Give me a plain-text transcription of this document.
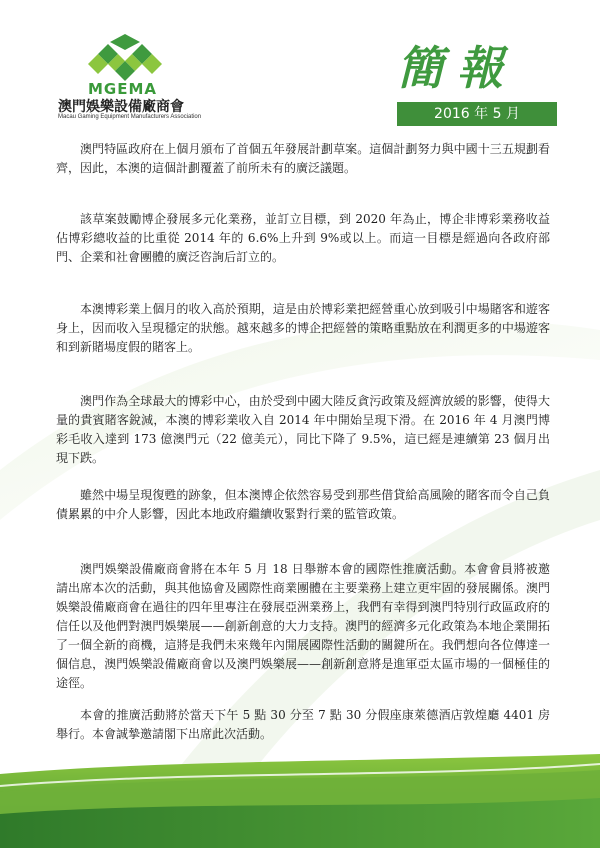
MGEMA
澳門娛樂設備廠商會
Macau Gaming Equipment Manufacturers Association
簡報
2016 年 5 月

澳門特區政府在上個月頒布了首個五年發展計劃草案。這個計劃努力與中國十三五規劃看齊，因此，本澳的這個計劃覆蓋了前所未有的廣泛議題。

該草案鼓勵博企發展多元化業務，並訂立目標，到 2020 年為止，博企非博彩業務收益佔博彩總收益的比重從 2014 年的 6.6%上升到 9%或以上。而這一目標是經過向各政府部門、企業和社會團體的廣泛咨詢后訂立的。

本澳博彩業上個月的收入高於預期，這是由於博彩業把經營重心放到吸引中場賭客和遊客身上，因而收入呈現穩定的狀態。越來越多的博企把經營的策略重點放在利潤更多的中場遊客和到新賭場度假的賭客上。

澳門作為全球最大的博彩中心，由於受到中國大陸反貪污政策及經濟放緩的影響，使得大量的貴賓賭客銳減，本澳的博彩業收入自 2014 年中開始呈現下滑。在 2016 年 4 月澳門博彩毛收入達到 173 億澳門元（22 億美元），同比下降了 9.5%，這已經是連續第 23 個月出現下跌。

雖然中場呈現復甦的跡象，但本澳博企依然容易受到那些借貸給高風險的賭客而令自己負債累累的中介人影響，因此本地政府繼續收緊對行業的監管政策。

澳門娛樂設備廠商會將在本年 5 月 18 日舉辦本會的國際性推廣活動。本會會員將被邀請出席本次的活動，與其他協會及國際性商業團體在主要業務上建立更牢固的發展關係。澳門娛樂設備廠商會在過往的四年里專注在發展亞洲業務上，我們有幸得到澳門特別行政區政府的信任以及他們對澳門娛樂展——創新創意的大力支持。澳門的經濟多元化政策為本地企業開拓了一個全新的商機，這將是我們未來幾年內開展國際性活動的關鍵所在。我們想向各位傳達一個信息，澳門娛樂設備廠商會以及澳門娛樂展——創新創意將是進軍亞太區市場的一個極佳的途徑。

本會的推廣活動將於當天下午 5 點 30 分至 7 點 30 分假座康萊德酒店敦煌廳 4401 房舉行。本會誠摯邀請閣下出席此次活動。
